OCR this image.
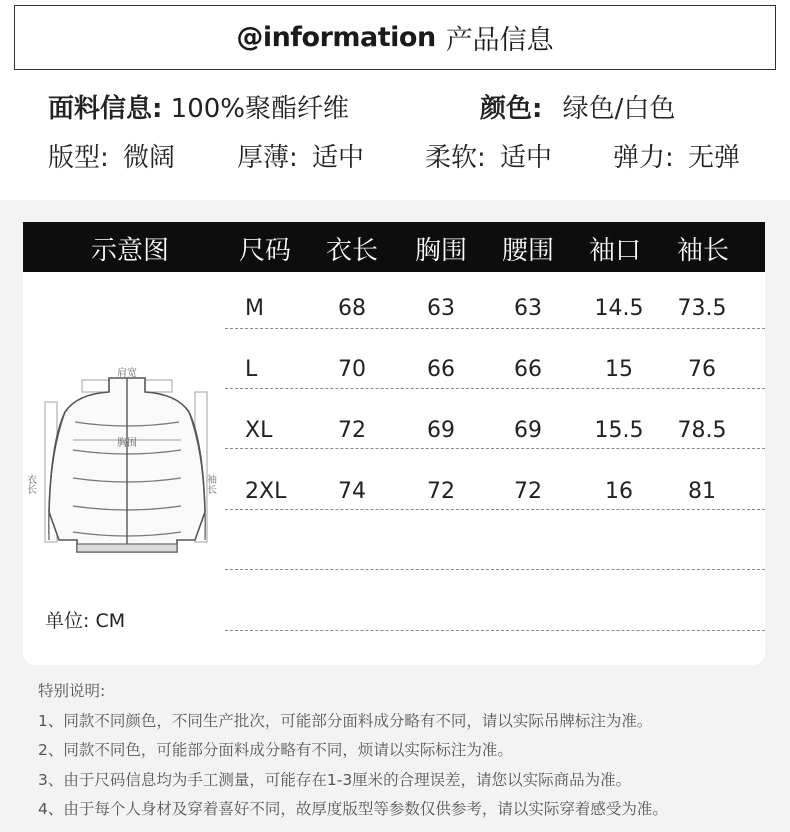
@information 产品信息
面料信息: 100%聚酯纤维	颜色: 绿色/白色
版型: 微阔 厚薄: 适中 柔软: 适中 弹力: 无弹
示意图	尺码 衣长 胸围 腰围 袖口 袖长
M	68	63	63 14.5 73.5
L	70	66	66	15	76
XL	72	69	69 15.5 78.5
2XL 74	72	72	16	81
肩宽
胸围
衣长	袖长
单位: CM
特别说明:
1、同款不同颜色，不同生产批次，可能部分面料成分略有不同，请以实际吊牌标注为准。
2、同款不同色，可能部分面料成分略有不同，烦请以实际标注为准。
3、由于尺码信息均为手工测量，可能存在1-3厘米的合理误差，请您以实际商品为准。
4、由于每个人身材及穿着喜好不同，故厚度版型等参数仅供参考，请以实际穿着感受为准。
